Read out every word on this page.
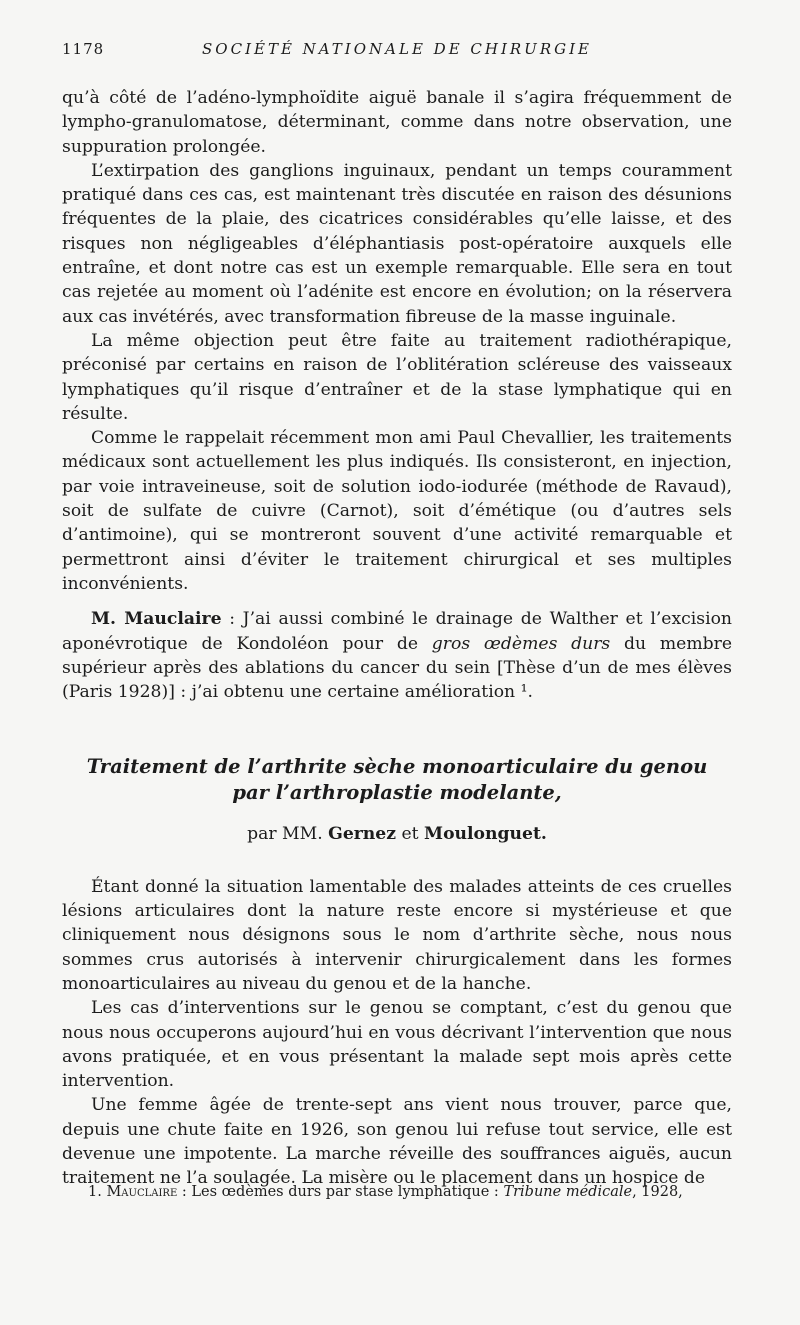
1178	SOCIÉTÉ NATIONALE DE CHIRURGIE

qu’à côté de l’adéno-lymphoïdite aiguë banale il s’agira fréquemment de lympho-granulomatose, déterminant, comme dans notre observation, une suppuration prolongée.

L’extirpation des ganglions inguinaux, pendant un temps couramment pratiqué dans ces cas, est maintenant très discutée en raison des désunions fréquentes de la plaie, des cicatrices considérables qu’elle laisse, et des risques non négligeables d’éléphantiasis post-opératoire auxquels elle entraîne, et dont notre cas est un exemple remarquable. Elle sera en tout cas rejetée au moment où l’adénite est encore en évolution; on la réservera aux cas invétérés, avec transformation fibreuse de la masse inguinale.

La même objection peut être faite au traitement radiothérapique, préconisé par certains en raison de l’oblitération scléreuse des vaisseaux lymphatiques qu’il risque d’entraîner et de la stase lymphatique qui en résulte.

Comme le rappelait récemment mon ami Paul Chevallier, les traitements médicaux sont actuellement les plus indiqués. Ils consisteront, en injection, par voie intraveineuse, soit de solution iodo-iodurée (méthode de Ravaud), soit de sulfate de cuivre (Carnot), soit d’émétique (ou d’autres sels d’antimoine), qui se montreront souvent d’une activité remarquable et permettront ainsi d’éviter le traitement chirurgical et ses multiples inconvénients.

M. Mauclaire : J’ai aussi combiné le drainage de Walther et l’excision aponévrotique de Kondoléon pour de gros œdèmes durs du membre supérieur après des ablations du cancer du sein [Thèse d’un de mes élèves (Paris 1928)] : j’ai obtenu une certaine amélioration ¹.

Traitement de l’arthrite sèche monoarticulaire du genou
par l’arthroplastie modelante,
par MM. Gernez et Moulonguet.

Étant donné la situation lamentable des malades atteints de ces cruelles lésions articulaires dont la nature reste encore si mystérieuse et que cliniquement nous désignons sous le nom d’arthrite sèche, nous nous sommes crus autorisés à intervenir chirurgicalement dans les formes monoarticulaires au niveau du genou et de la hanche.

Les cas d’interventions sur le genou se comptant, c’est du genou que nous nous occuperons aujourd’hui en vous décrivant l’intervention que nous avons pratiquée, et en vous présentant la malade sept mois après cette intervention.

Une femme âgée de trente-sept ans vient nous trouver, parce que, depuis une chute faite en 1926, son genou lui refuse tout service, elle est devenue une impotente. La marche réveille des souffrances aiguës, aucun traitement ne l’a soulagée. La misère ou le placement dans un hospice de

1. Mauclaire : Les œdèmes durs par stase lymphatique : Tribune médicale, 1928,
